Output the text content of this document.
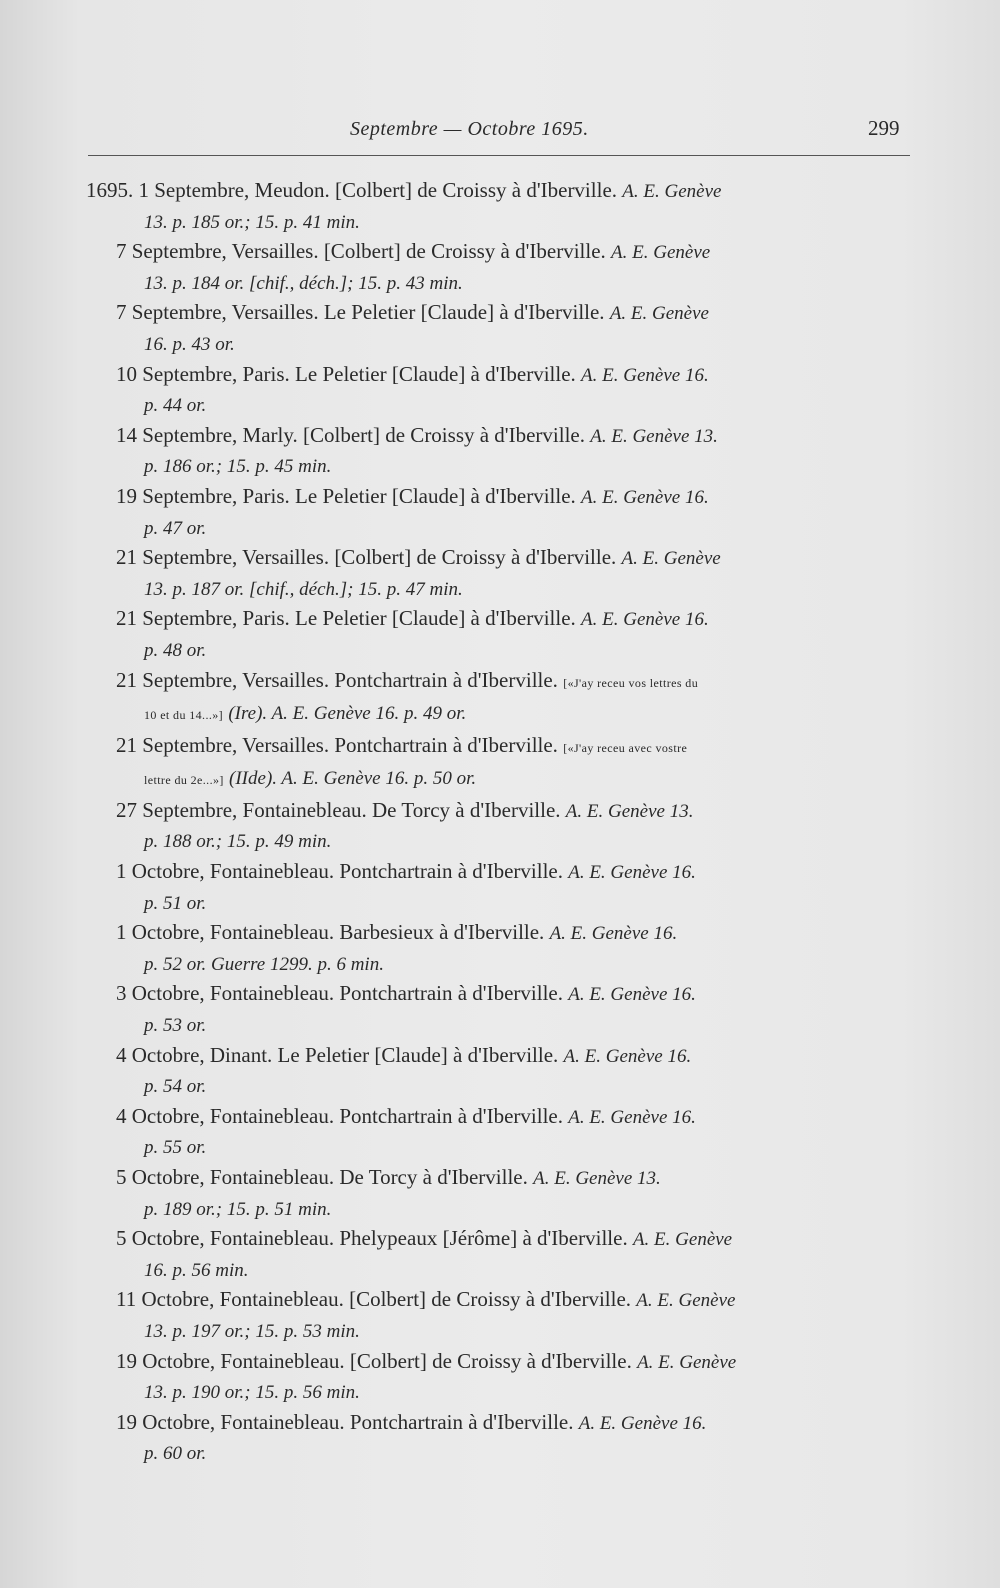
Septembre — Octobre 1695.	299

1695. 1 Septembre, Meudon. [Colbert] de Croissy à d'Iberville. A. E. Genève
13. p. 185 or.; 15. p. 41 min.

7 Septembre, Versailles. [Colbert] de Croissy à d'Iberville. A. E. Genève
13. p. 184 or. [chif., déch.]; 15. p. 43 min.

7 Septembre, Versailles. Le Peletier [Claude] à d'Iberville. A. E. Genève
16. p. 43 or.

10 Septembre, Paris. Le Peletier [Claude] à d'Iberville. A. E. Genève 16.
p. 44 or.

14 Septembre, Marly. [Colbert] de Croissy à d'Iberville. A. E. Genève 13.
p. 186 or.; 15. p. 45 min.

19 Septembre, Paris. Le Peletier [Claude] à d'Iberville. A. E. Genève 16.
p. 47 or.

21 Septembre, Versailles. [Colbert] de Croissy à d'Iberville. A. E. Genève
13. p. 187 or. [chif., déch.]; 15. p. 47 min.

21 Septembre, Paris. Le Peletier [Claude] à d'Iberville. A. E. Genève 16.
p. 48 or.

21 Septembre, Versailles. Pontchartrain à d'Iberville. [«J'ay receu vos lettres du
10 et du 14...»] (Ire). A. E. Genève 16. p. 49 or.

21 Septembre, Versailles. Pontchartrain à d'Iberville. [«J'ay receu avec vostre
lettre du 2e...»] (IIde). A. E. Genève 16. p. 50 or.

27 Septembre, Fontainebleau. De Torcy à d'Iberville. A. E. Genève 13.
p. 188 or.; 15. p. 49 min.

1 Octobre, Fontainebleau. Pontchartrain à d'Iberville. A. E. Genève 16.
p. 51 or.

1 Octobre, Fontainebleau. Barbesieux à d'Iberville. A. E. Genève 16.
p. 52 or. Guerre 1299. p. 6 min.

3 Octobre, Fontainebleau. Pontchartrain à d'Iberville. A. E. Genève 16.
p. 53 or.

4 Octobre, Dinant. Le Peletier [Claude] à d'Iberville. A. E. Genève 16.
p. 54 or.

4 Octobre, Fontainebleau. Pontchartrain à d'Iberville. A. E. Genève 16.
p. 55 or.

5 Octobre, Fontainebleau. De Torcy à d'Iberville. A. E. Genève 13.
p. 189 or.; 15. p. 51 min.

5 Octobre, Fontainebleau. Phelypeaux [Jérôme] à d'Iberville. A. E. Genève
16. p. 56 min.

11 Octobre, Fontainebleau. [Colbert] de Croissy à d'Iberville. A. E. Genève
13. p. 197 or.; 15. p. 53 min.

19 Octobre, Fontainebleau. [Colbert] de Croissy à d'Iberville. A. E. Genève
13. p. 190 or.; 15. p. 56 min.

19 Octobre, Fontainebleau. Pontchartrain à d'Iberville. A. E. Genève 16.
p. 60 or.
